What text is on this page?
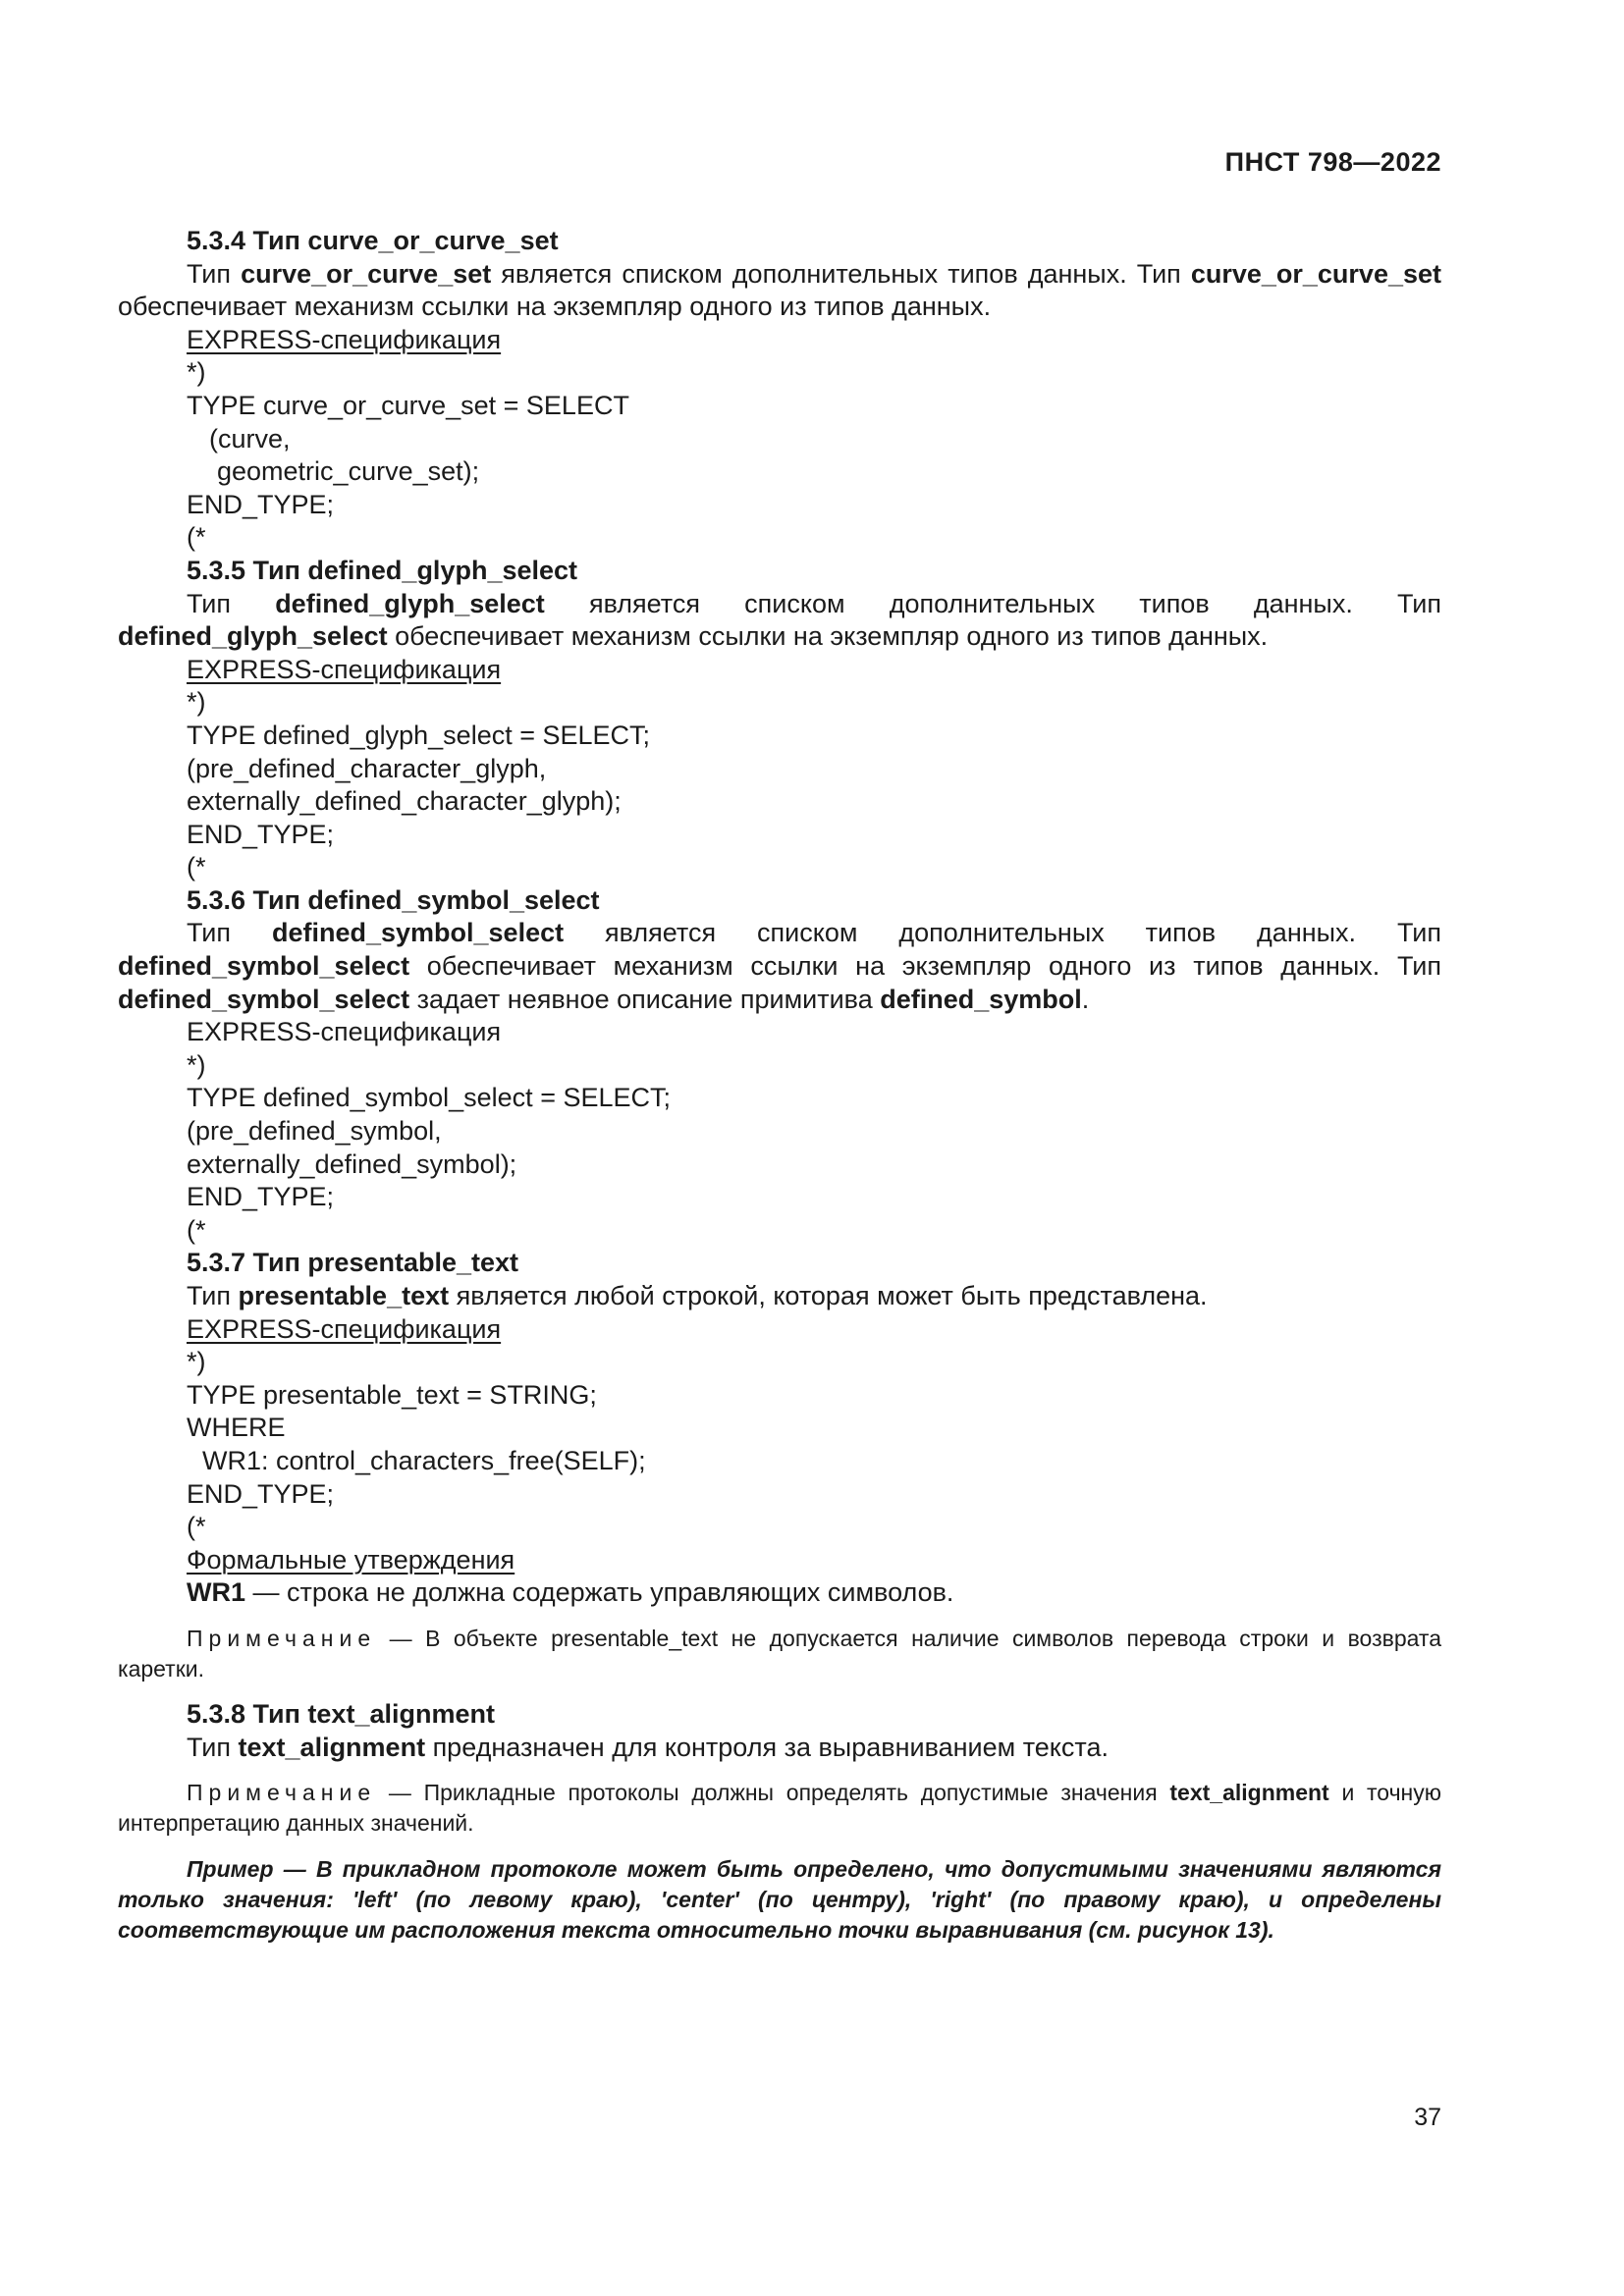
ПНСТ 798—2022

5.3.4 Тип curve_or_curve_set

Тип curve_or_curve_set является списком дополнительных типов данных. Тип curve_or_curve_set обеспечивает механизм ссылки на экземпляр одного из типов данных.

EXPRESS-спецификация

*)

TYPE curve_or_curve_set = SELECT

(curve,

geometric_curve_set);

END_TYPE;

(*

5.3.5 Тип defined_glyph_select

Тип defined_glyph_select является списком дополнительных типов данных. Тип defined_glyph_select обеспечивает механизм ссылки на экземпляр одного из типов данных.

EXPRESS-спецификация

*)

TYPE defined_glyph_select = SELECT;

(pre_defined_character_glyph,

externally_defined_character_glyph);

END_TYPE;

(*

5.3.6 Тип defined_symbol_select

Тип defined_symbol_select является списком дополнительных типов данных. Тип defined_symbol_select обеспечивает механизм ссылки на экземпляр одного из типов данных. Тип defined_symbol_select задает неявное описание примитива defined_symbol.

EXPRESS-спецификация

*)

TYPE defined_symbol_select = SELECT;

(pre_defined_symbol,

externally_defined_symbol);

END_TYPE;

(*

5.3.7 Тип presentable_text

Тип presentable_text является любой строкой, которая может быть представлена.

EXPRESS-спецификация

*)

TYPE presentable_text = STRING;

WHERE

WR1: control_characters_free(SELF);

END_TYPE;

(*

Формальные утверждения

WR1 — строка не должна содержать управляющих символов.

Примечание — В объекте presentable_text не допускается наличие символов перевода строки и возврата каретки.

5.3.8 Тип text_alignment

Тип text_alignment предназначен для контроля за выравниванием текста.

Примечание — Прикладные протоколы должны определять допустимые значения text_alignment и точную интерпретацию данных значений.

Пример — В прикладном протоколе может быть определено, что допустимыми значениями являются только значения: 'left' (по левому краю), 'center' (по центру), 'right' (по правому краю), и определены соответствующие им расположения текста относительно точки выравнивания (см. рисунок 13).

37
